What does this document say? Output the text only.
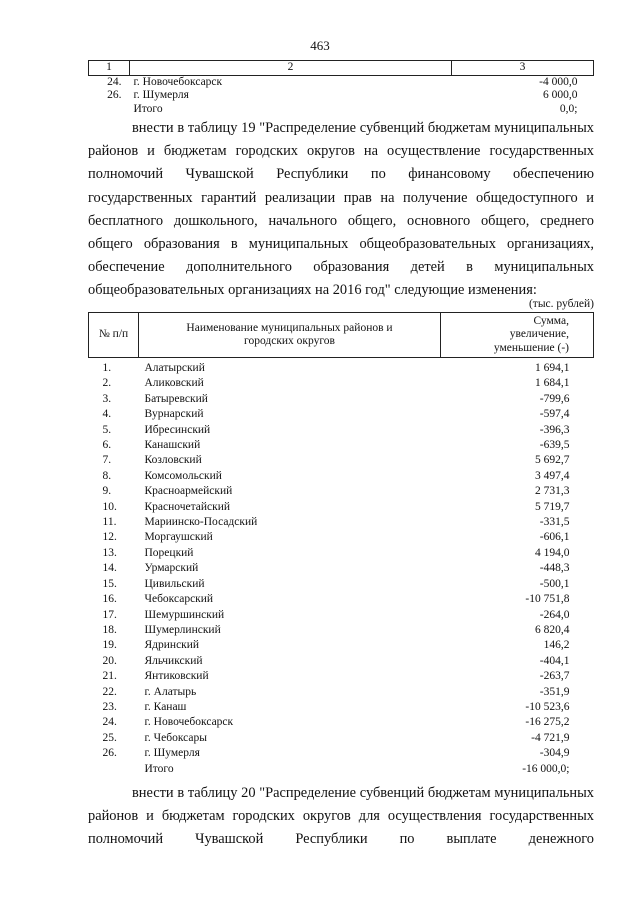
463
1	2	3
24.	г. Новочебоксарск	-4 000,0
26.	г. Шумерля	6 000,0
	Итого	0,0;

внести в таблицу 19 "Распределение субвенций бюджетам муниципальных районов и бюджетам городских округов на осуществление государственных полномочий Чувашской Республики по финансовому обеспечению государственных гарантий реализации прав на получение общедоступного и бесплатного дошкольного, начального общего, основного общего, среднего общего образования в муниципальных общеобразовательных организациях, обеспечение дополнительного образования детей в муниципальных общеобразовательных организациях на 2016 год" следующие изменения:

(тыс. рублей)
№ п/п	Наименование муниципальных районов и городских округов	Сумма, увеличение, уменьшение (-)
1.	Алатырский	1 694,1
2.	Аликовский	1 684,1
3.	Батыревский	-799,6
4.	Вурнарский	-597,4
5.	Ибресинский	-396,3
6.	Канашский	-639,5
7.	Козловский	5 692,7
8.	Комсомольский	3 497,4
9.	Красноармейский	2 731,3
10.	Красночетайский	5 719,7
11.	Мариинско-Посадский	-331,5
12.	Моргаушский	-606,1
13.	Порецкий	4 194,0
14.	Урмарский	-448,3
15.	Цивильский	-500,1
16.	Чебоксарский	-10 751,8
17.	Шемуршинский	-264,0
18.	Шумерлинский	6 820,4
19.	Ядринский	146,2
20.	Яльчикский	-404,1
21.	Янтиковский	-263,7
22.	г. Алатырь	-351,9
23.	г. Канаш	-10 523,6
24.	г. Новочебоксарск	-16 275,2
25.	г. Чебоксары	-4 721,9
26.	г. Шумерля	-304,9
	Итого	-16 000,0;

внести в таблицу 20 "Распределение субвенций бюджетам муниципальных районов и бюджетам городских округов для осуществления государственных полномочий Чувашской Республики по выплате денежного
